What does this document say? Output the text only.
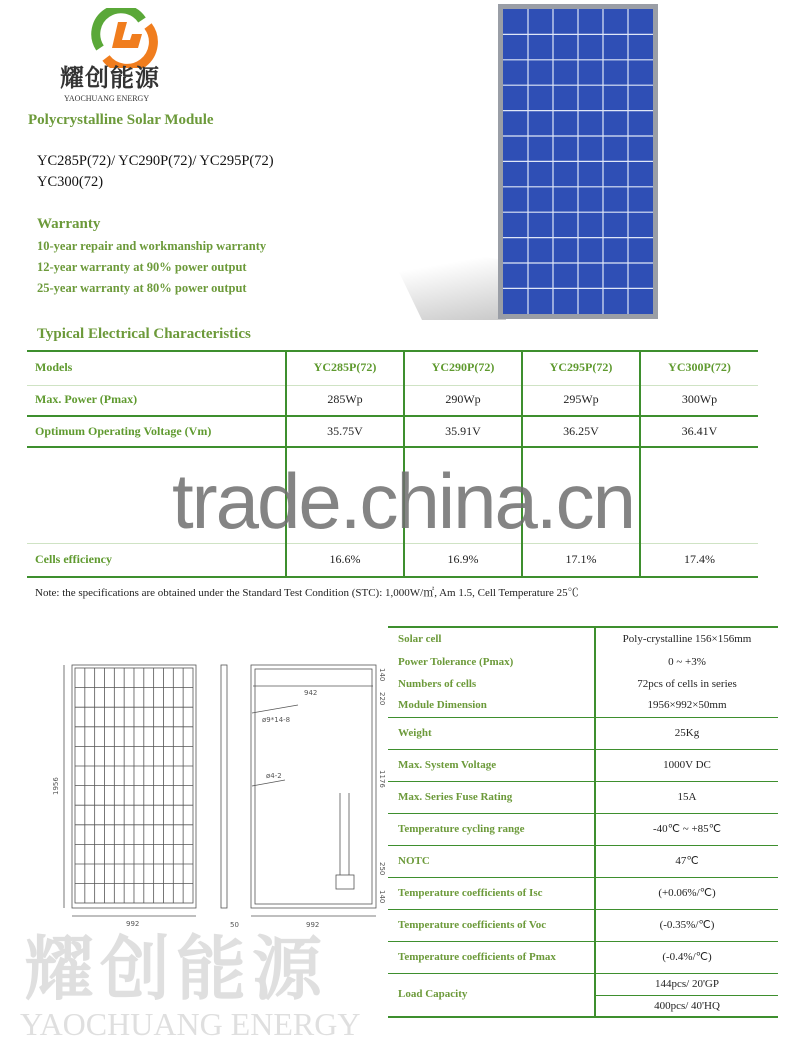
耀创能源
YAOCHUANG ENERGY
Polycrystalline Solar Module
YC285P(72)/ YC290P(72)/ YC295P(72)
YC300(72)
Warranty
10-year repair and workmanship warranty
12-year warranty at 90% power output
25-year warranty at 80% power output
Typical Electrical Characteristics
Models	YC285P(72)	YC290P(72)	YC295P(72)	YC300P(72)
Max. Power (Pmax)	285Wp	290Wp	295Wp	300Wp
Optimum Operating Voltage (Vm)	35.75V	35.91V	36.25V	36.41V

Cells efficiency	16.6%	16.9%	17.1%	17.4%
trade.china.cn
Note: the specifications are obtained under the Standard Test Condition (STC): 1,000W/㎡, Am 1.5, Cell Temperature 25℃
1956
992
942
ø9*14-8
ø4-2
50	992
140
220
1176
250
140
耀创能源
YAOCHUANG ENERGY
Solar cell	Poly-crystalline 156×156mm
Power Tolerance (Pmax)	0 ~ +3%
Numbers of cells	72pcs of cells in series
Module Dimension	1956×992×50mm
Weight	25Kg
Max. System Voltage	1000V DC
Max. Series Fuse Rating	15A
Temperature cycling range	-40℃ ~ +85℃
NOTC	47℃
Temperature coefficients of Isc	(+0.06%/℃)
Temperature coefficients of Voc	(-0.35%/℃)
Temperature coefficients of Pmax	(-0.4%/℃)
Load Capacity	144pcs/ 20'GP
400pcs/ 40'HQ
